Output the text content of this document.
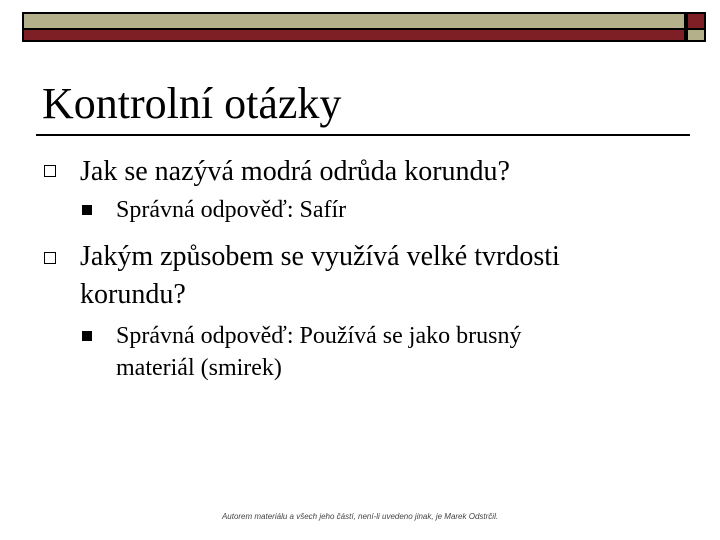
Kontrolní otázky
Jak se nazývá modrá odrůda korundu?
Správná odpověď: Safír
Jakým způsobem se využívá velké tvrdosti
korundu?
Správná odpověď: Používá se jako brusný
materiál (smirek)
Autorem materiálu a všech jeho částí, není-li uvedeno jinak, je Marek Odstrčil.
